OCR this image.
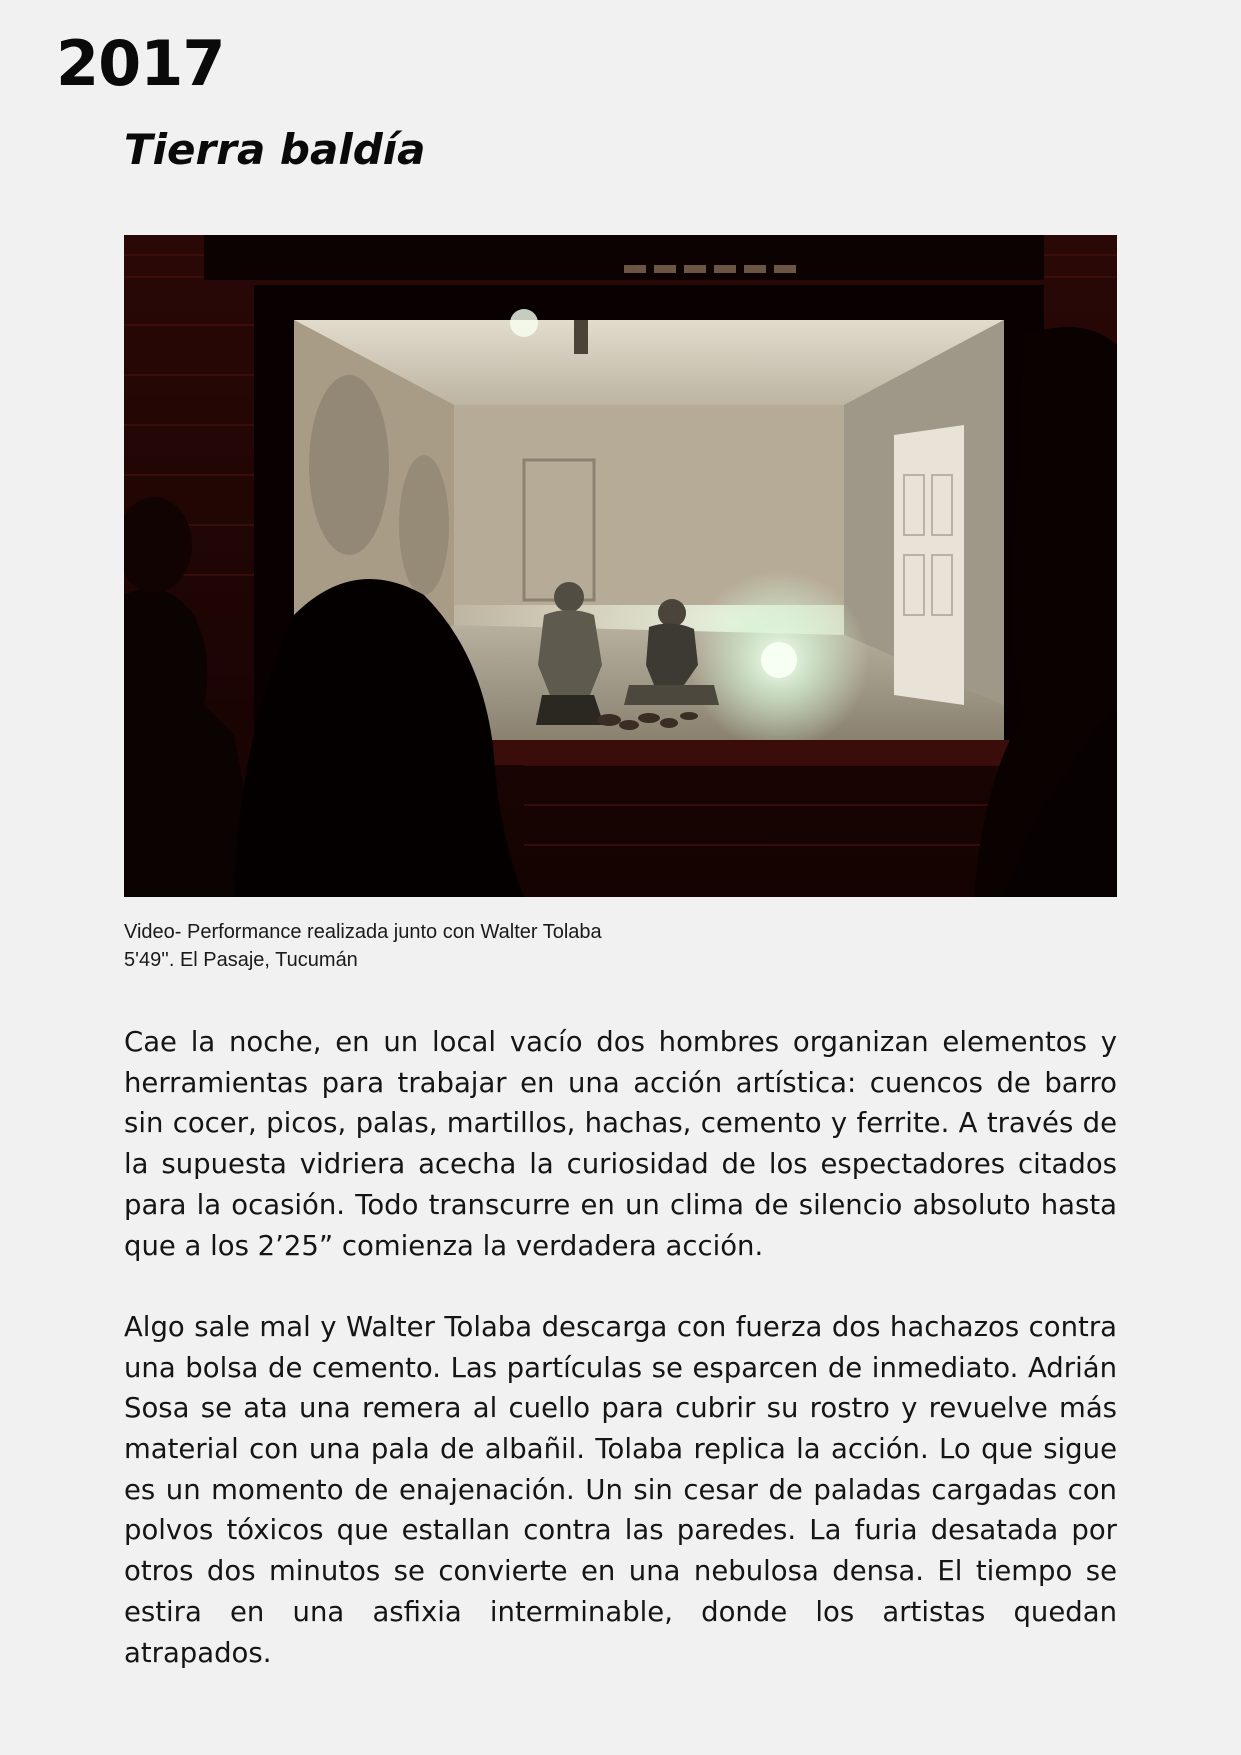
2017
Tierra baldía
Video- Performance realizada junto con Walter Tolaba
5'49''. El Pasaje, Tucumán

Cae la noche, en un local vacío dos hombres organizan elementos y herramientas para trabajar en una acción artística: cuencos de barro sin cocer, picos, palas, martillos, hachas, cemento y ferrite. A través de la supuesta vidriera acecha la curiosidad de los espectadores citados para la ocasión. Todo transcurre en un clima de silencio absoluto hasta que a los 2’25” comienza la verdadera acción.

Algo sale mal y Walter Tolaba descarga con fuerza dos hachazos contra una bolsa de cemento. Las partículas se esparcen de inmediato. Adrián Sosa se ata una remera al cuello para cubrir su rostro y revuelve más material con una pala de albañil. Tolaba replica la acción. Lo que sigue es un momento de enajenación. Un sin cesar de paladas cargadas con polvos tóxicos que estallan contra las paredes. La furia desatada por otros dos minutos se convierte en una nebulosa densa. El tiempo se estira en una asfixia interminable, donde los artistas quedan atrapados.
